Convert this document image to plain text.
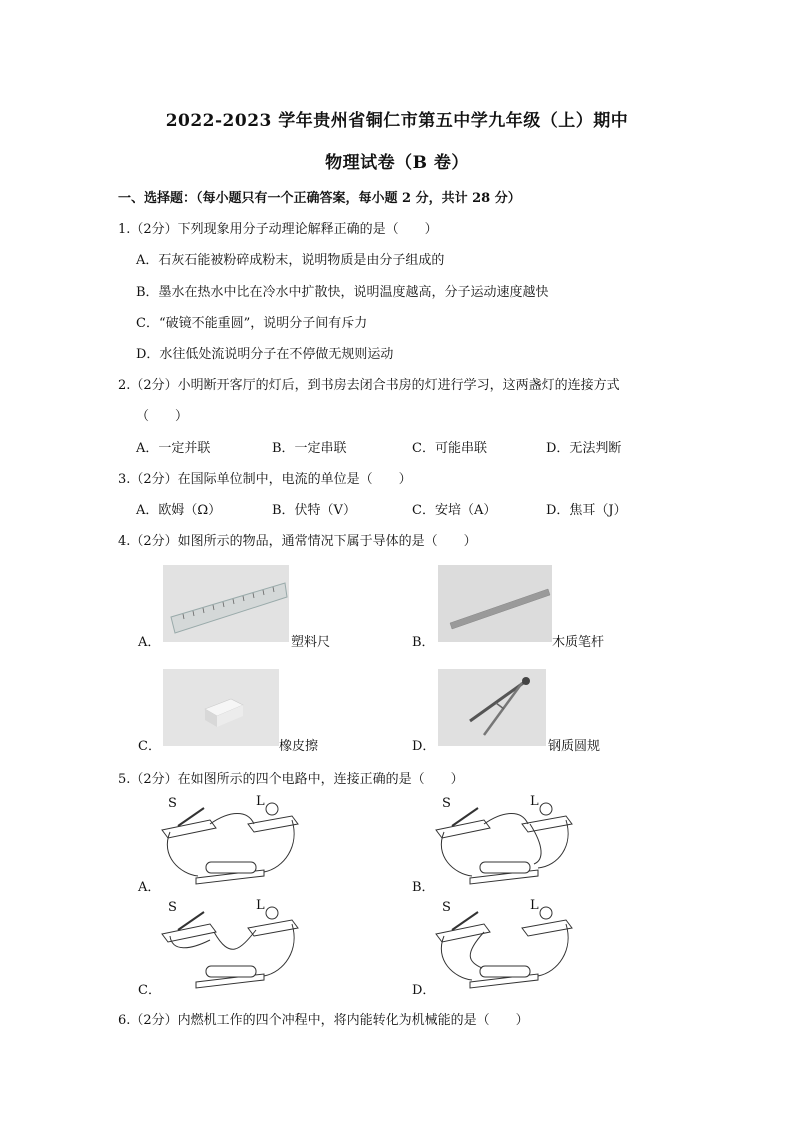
2022-2023 学年贵州省铜仁市第五中学九年级（上）期中
物理试卷（B 卷）
一、选择题：（每小题只有一个正确答案，每小题 2 分，共计 28 分）
1.（2分）下列现象用分子动理论解释正确的是（　　）
A．石灰石能被粉碎成粉末，说明物质是由分子组成的
B．墨水在热水中比在冷水中扩散快，说明温度越高，分子运动速度越快
C．“破镜不能重圆”，说明分子间有斥力
D．水往低处流说明分子在不停做无规则运动
2.（2分）小明断开客厅的灯后，到书房去闭合书房的灯进行学习，这两盏灯的连接方式
（　　）
A．一定并联	B．一定串联	C．可能串联	D．无法判断
3.（2分）在国际单位制中，电流的单位是（　　）
A．欧姆（Ω）	B．伏特（V）	C．安培（A）	D．焦耳（J）
4.（2分）如图所示的物品，通常情况下属于导体的是（　　）
A．	塑料尺	B．	木质笔杆
C．	橡皮擦	D．	钢质圆规
5.（2分）在如图所示的四个电路中，连接正确的是（　　）
A．
S	L
B．
S	L
C．
S	L
D．
S	L
6.（2分）内燃机工作的四个冲程中，将内能转化为机械能的是（　　）
